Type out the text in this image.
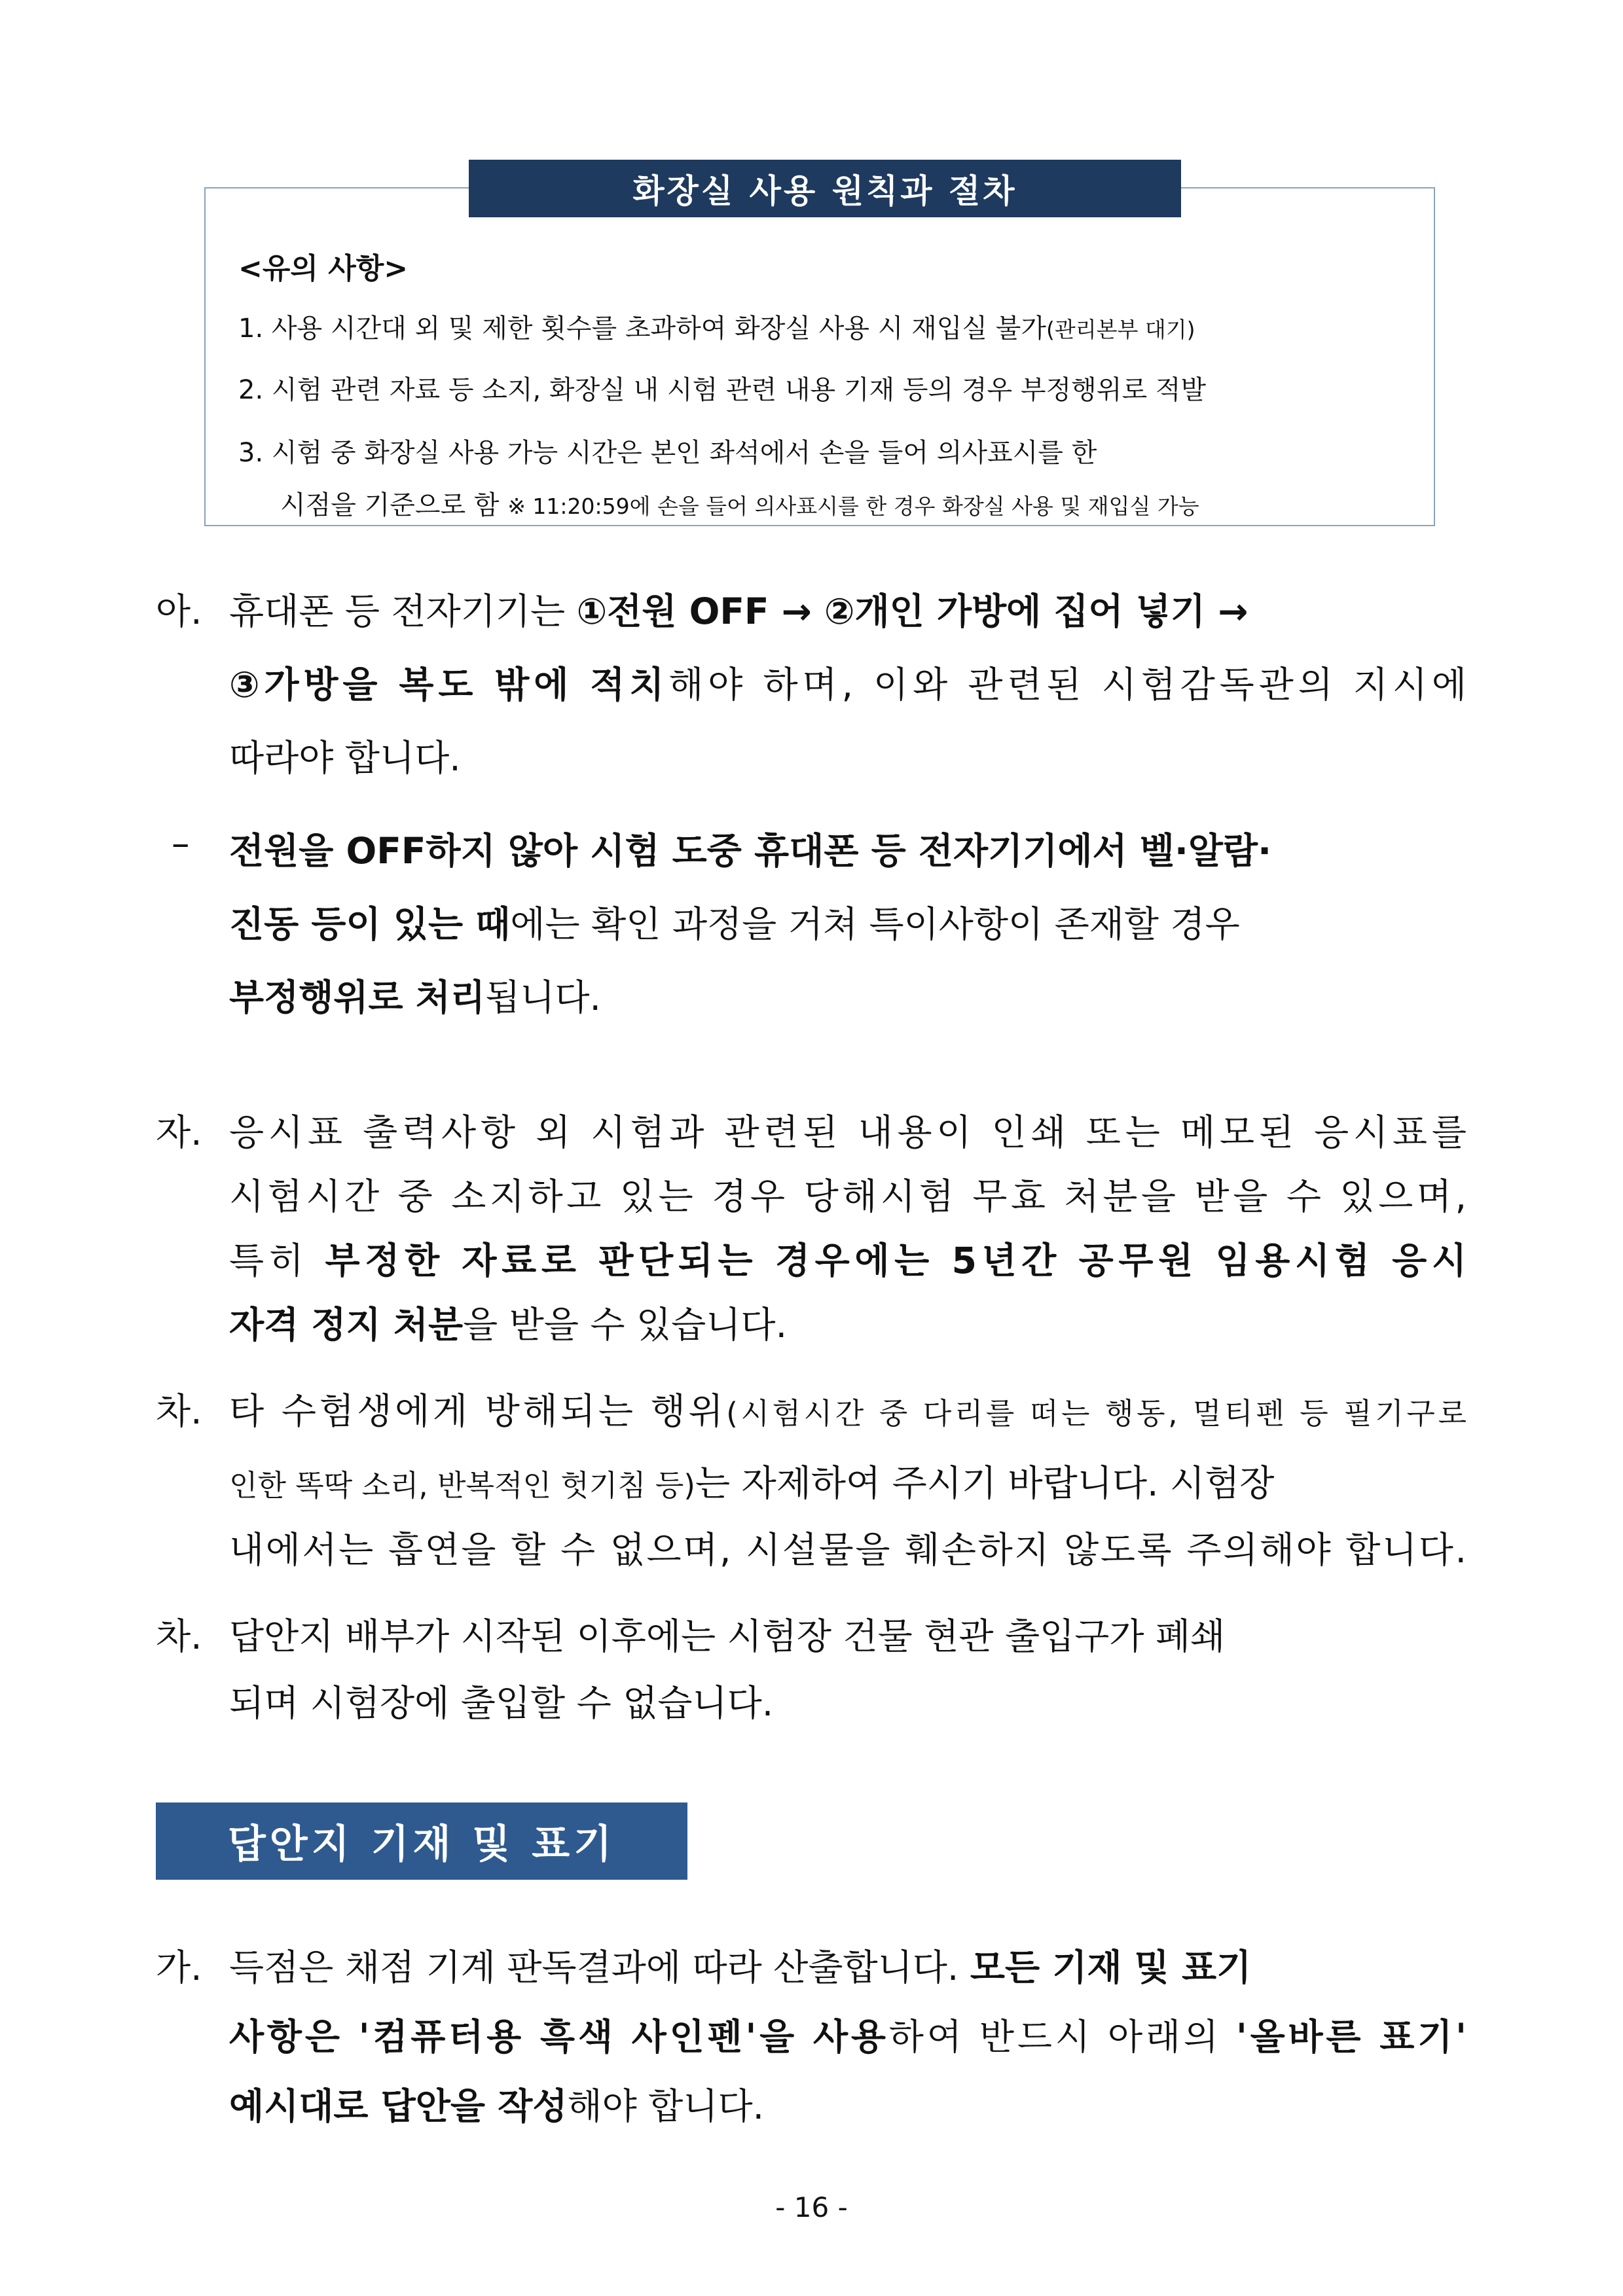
화장실 사용 원칙과 절차
<유의 사항>
1. 사용 시간대 외 및 제한 횟수를 초과하여 화장실 사용 시 재입실 불가(관리본부 대기)
2. 시험 관련 자료 등 소지, 화장실 내 시험 관련 내용 기재 등의 경우 부정행위로 적발
3. 시험 중 화장실 사용 가능 시간은 본인 좌석에서 손을 들어 의사표시를 한
시점을 기준으로 함 ※ 11:20:59에 손을 들어 의사표시를 한 경우 화장실 사용 및 재입실 가능
아. 휴대폰 등 전자기기는 ①전원 OFF → ②개인 가방에 집어 넣기 →
③가방을 복도 밖에 적치해야 하며, 이와 관련된 시험감독관의 지시에
따라야 합니다.
– 전원을 OFF하지 않아 시험 도중 휴대폰 등 전자기기에서 벨·알람·
진동 등이 있는 때에는 확인 과정을 거쳐 특이사항이 존재할 경우
부정행위로 처리됩니다.
자. 응시표 출력사항 외 시험과 관련된 내용이 인쇄 또는 메모된 응시표를
시험시간 중 소지하고 있는 경우 당해시험 무효 처분을 받을 수 있으며,
특히 부정한 자료로 판단되는 경우에는 5년간 공무원 임용시험 응시
자격 정지 처분을 받을 수 있습니다.
차. 타 수험생에게 방해되는 행위(시험시간 중 다리를 떠는 행동, 멀티펜 등 필기구로
인한 똑딱 소리, 반복적인 헛기침 등)는 자제하여 주시기 바랍니다. 시험장
내에서는 흡연을 할 수 없으며, 시설물을 훼손하지 않도록 주의해야 합니다.
차. 답안지 배부가 시작된 이후에는 시험장 건물 현관 출입구가 폐쇄
되며 시험장에 출입할 수 없습니다.
답안지 기재 및 표기
가. 득점은 채점 기계 판독결과에 따라 산출합니다. 모든 기재 및 표기
사항은 '컴퓨터용 흑색 사인펜'을 사용하여 반드시 아래의 '올바른 표기'
예시대로 답안을 작성해야 합니다.
- 16 -
